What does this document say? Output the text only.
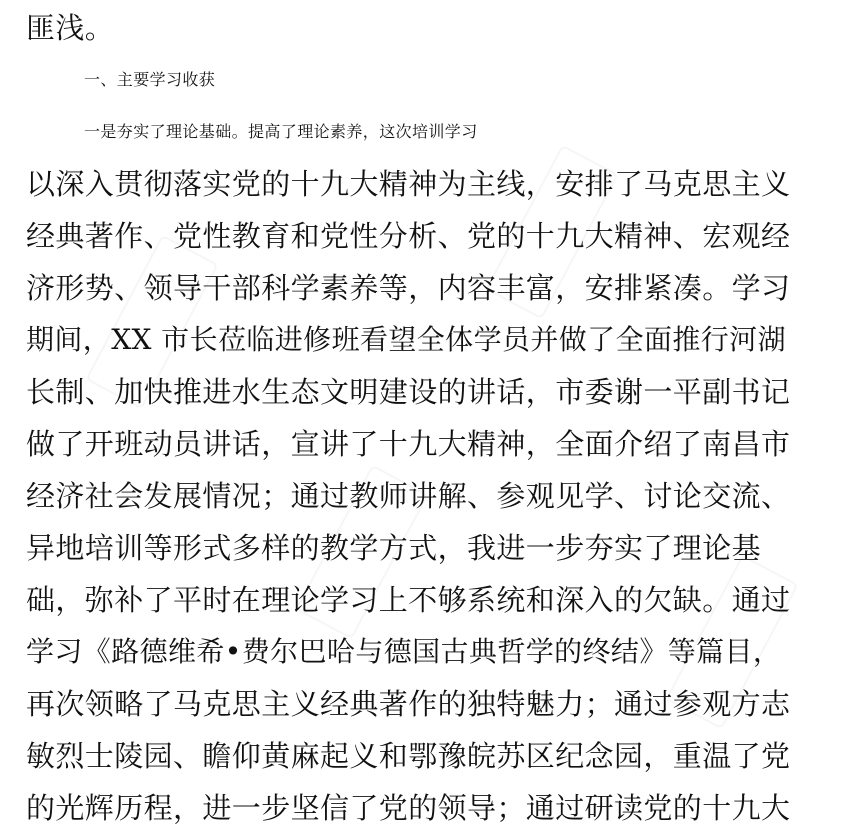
匪浅。
一、主要学习收获
一是夯实了理论基础。提高了理论素养，这次培训学习
以深入贯彻落实党的十九大精神为主线，安排了马克思主义
经典著作、党性教育和党性分析、党的十九大精神、宏观经
济形势、领导干部科学素养等，内容丰富，安排紧凑。学习
期间，XX 市长莅临进修班看望全体学员并做了全面推行河湖
长制、加快推进水生态文明建设的讲话，市委谢一平副书记
做了开班动员讲话，宣讲了十九大精神，全面介绍了南昌市
经济社会发展情况；通过教师讲解、参观见学、讨论交流、
异地培训等形式多样的教学方式，我进一步夯实了理论基
础，弥补了平时在理论学习上不够系统和深入的欠缺。通过
学习《路德维希•费尔巴哈与德国古典哲学的终结》等篇目，
再次领略了马克思主义经典著作的独特魅力；通过参观方志
敏烈士陵园、瞻仰黄麻起义和鄂豫皖苏区纪念园，重温了党
的光辉历程，进一步坚信了党的领导；通过研读党的十九大
